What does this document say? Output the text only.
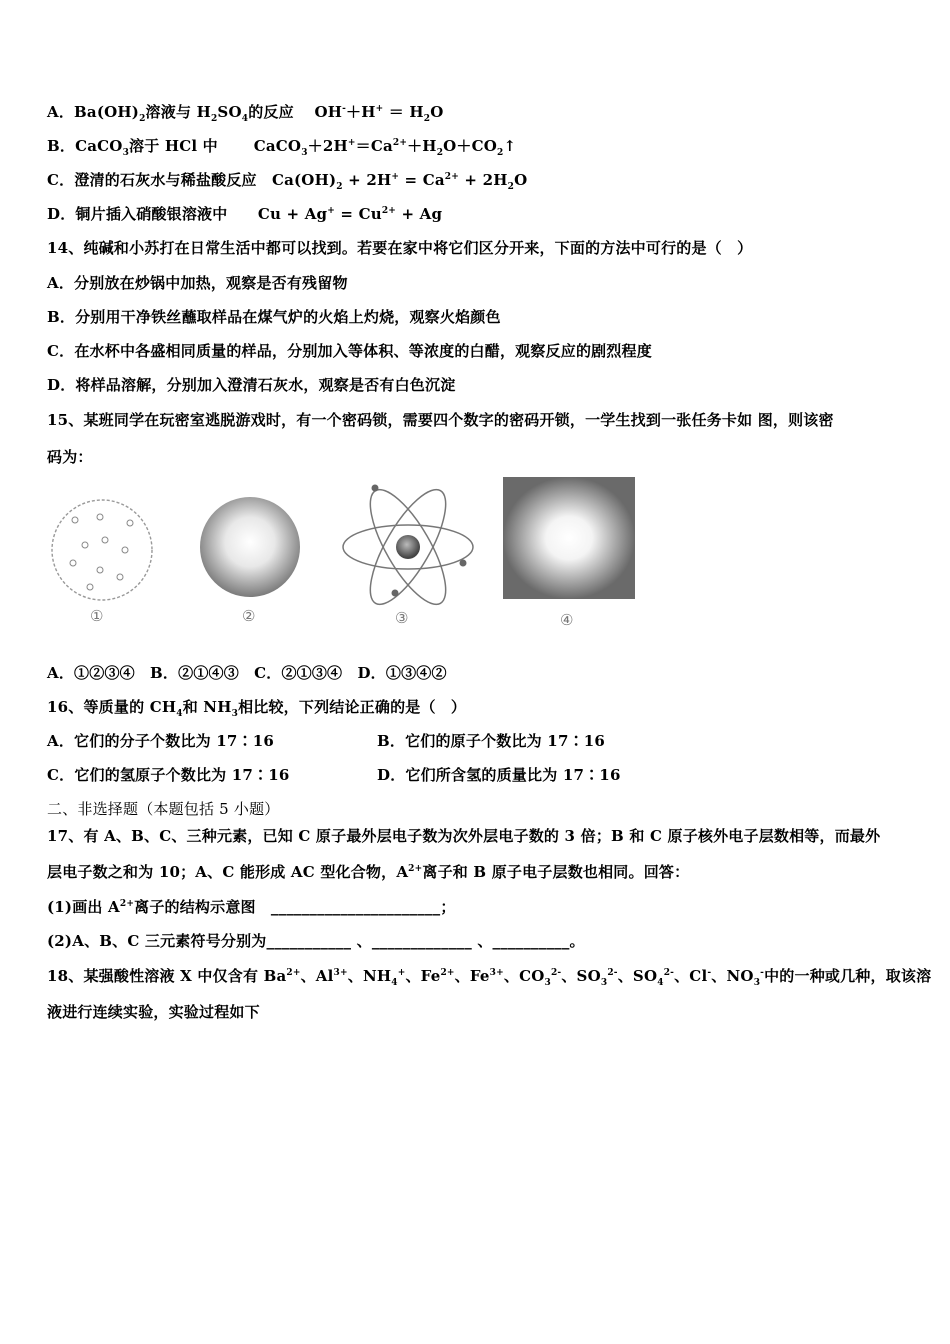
A．$Ba(OH)_2$溶液与 $H_2SO_4$的反应  $OH^-+H^+ = H_2O$
B．CaCO$_3$溶于 HCl 中   $CaCO_3+2H^+=Ca^{2+}+H_2O+CO_2↑$
C．澄清的石灰水与稀盐酸反应  $Ca(OH)_2 + 2H^+ = Ca^{2+} + 2H_2O$
D．铜片插入硝酸银溶液中   $Cu + Ag^+ = Cu^{2+} + Ag$
14、纯碱和小苏打在日常生活中都可以找到。若要在家中将它们区分开来，下面的方法中可行的是（　）
A．分别放在炒锅中加热，观察是否有残留物
B．分别用干净铁丝蘸取样品在煤气炉的火焰上灼烧，观察火焰颜色
C．在水杯中各盛相同质量的样品，分别加入等体积、等浓度的白醋，观察反应的剧烈程度
D．将样品溶解，分别加入澄清石灰水，观察是否有白色沉淀
15、某班同学在玩密室逃脱游戏时，有一个密码锁，需要四个数字的密码开锁，一学生找到一张任务卡如 图，则该密
码为：
①	②	③	④
A．①②③④　B．②①④③　C．②①③④　D．①③④②
16、等质量的 $CH_4$和 $NH_3$相比较，下列结论正确的是（　）
A．它们的分子个数比为 17∶16	B．它们的原子个数比为 17∶16
C．它们的氢原子个数比为 17∶16	D．它们所含氢的质量比为 17∶16
二、非选择题（本题包括 5 小题）
17、有 A、B、C、三种元素，已知 C 原子最外层电子数为次外层电子数的 3 倍；B 和 C 原子核外电子层数相等，而最外
层电子数之和为 10；A、C 能形成 AC 型化合物，$A^{2+}$离子和 B 原子电子层数也相同。回答：
(1)画出 $A^{2+}$离子的结构示意图　______________________；
(2)A、B、C 三元素符号分别为___________ 、_____________ 、__________。
18、某强酸性溶液 X 中仅含有 $Ba^{2+}$、$Al^{3+}$、$NH_4^+$、$Fe^{2+}$、$Fe^{3+}$、$CO_3^{2-}$、$SO_3^{2-}$、$SO_4^{2-}$、Cl-、$NO_3^-$中的一种或几种，取该溶
液进行连续实验，实验过程如下
